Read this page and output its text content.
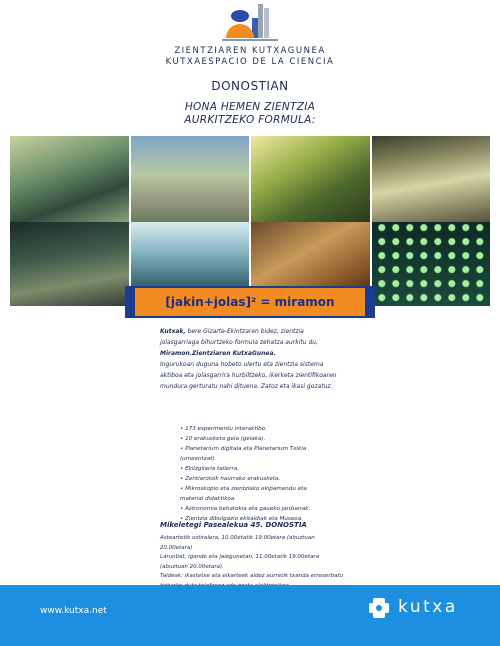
ZIENTZIAREN KUTXAGUNEA
KUTXAESPACIO DE LA CIENCIA
DONOSTIAN
HONA HEMEN ZIENTZIA
AURKITZEKO FORMULA:
[jakin+jolas]² = miramon
Kutxak, bere Gizarte-Ekintzaren bidez, zientzia jolasgarriaga bihurtzeko formula zehatza aurkitu du,
Miramon.Zientziaren KutxaGunea.
Ingurukoan duguna hobeto ulertu eta zientzia sistema aktiboa eta jolasgarrira hurbiltzeko, ikerketa zientifikoaren mundura gerturatu nahi dituena. Zatoz eta ikasi gozatuz.
• 173 esperimentu interaktibo.
• 10 erakusketa gela (gelaka).
• Planetarium digitala eta Planetarium Txikia (umeentzat).
• Eklizgilaria tailerra.
• Zentiaroloik haurrako erakusketa.
• Mikroskopio eta zientziako ekipamendu eta material didaktikoa.
• Astronomia behatokia eta gaueko jarduerak.
• Zientzia dibulgazio ekitaldiak eta Museoa.
Mikeletegi Pasealekua 45. DONOSTIA
Asteartetik ostiralera, 10.00etatik 19.00etara (abuztuan 20.00etara)
Larunbat, igande eta jaiegunetan, 11.00etatik 19.00etara (abuztuan 20.00etara).
Taldeak: ikastetxe eta elkarteek aldez aurretik txanda erreserbatu
www.kutxa.net	kutxa
